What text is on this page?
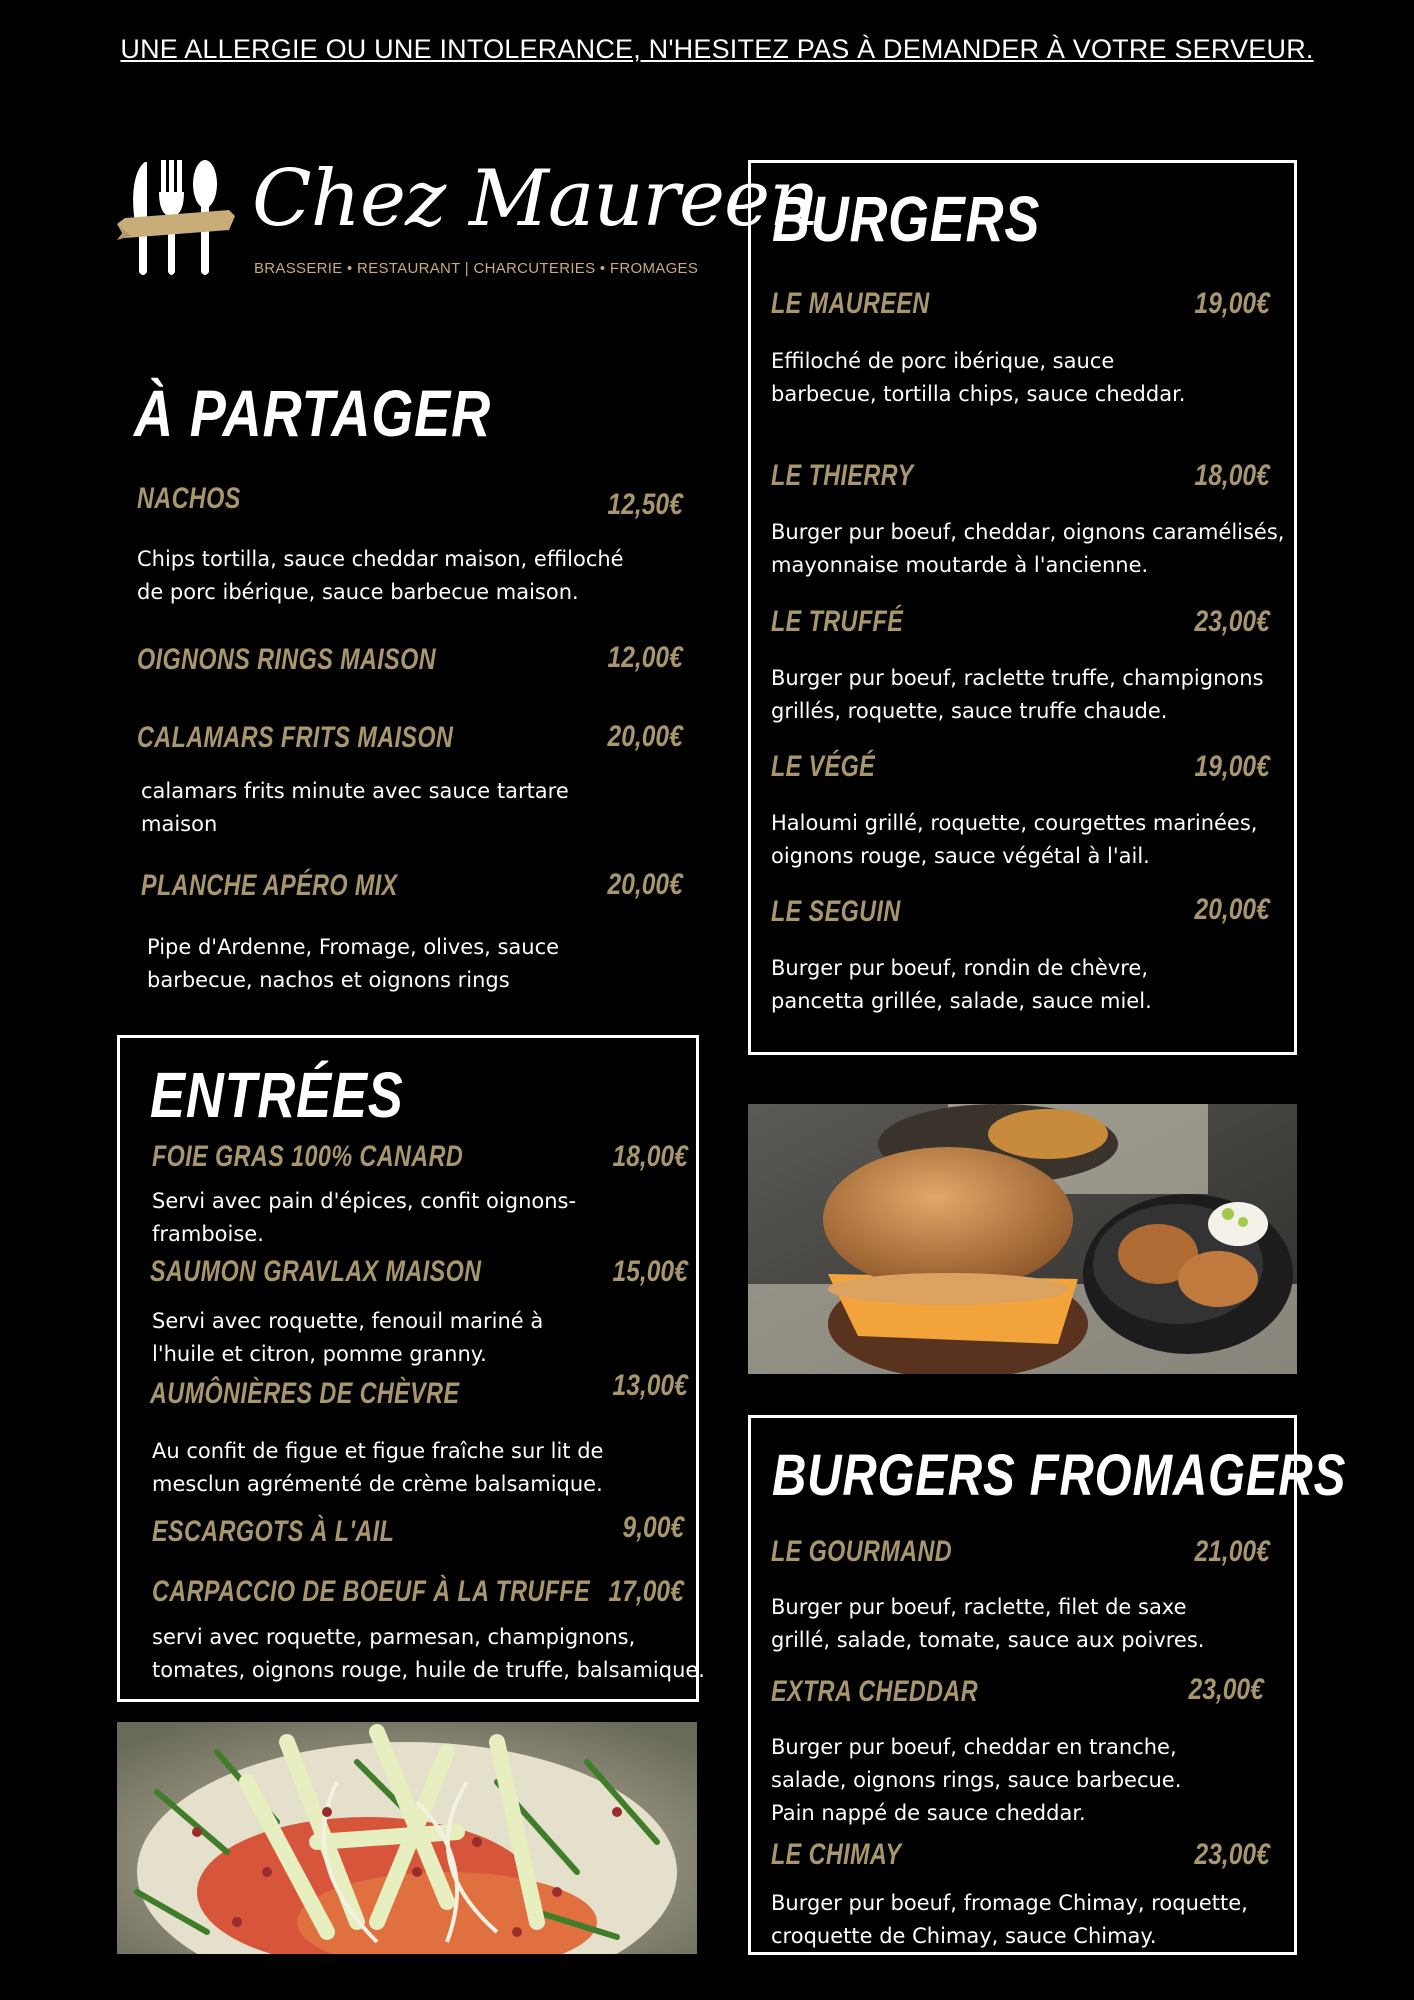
UNE ALLERGIE OU UNE INTOLERANCE, N'HESITEZ PAS À DEMANDER À VOTRE SERVEUR.
Chez Maureen
BRASSERIE • RESTAURANT | CHARCUTERIES • FROMAGES
À PARTAGER
NACHOS	12,50€
Chips tortilla, sauce cheddar maison, effiloché
de porc ibérique, sauce barbecue maison.
OIGNONS RINGS MAISON	12,00€
CALAMARS FRITS MAISON	20,00€
calamars frits minute avec sauce tartare
maison
PLANCHE APÉRO MIX	20,00€
Pipe d'Ardenne, Fromage, olives, sauce
barbecue, nachos et oignons rings
ENTRÉES
FOIE GRAS 100% CANARD	18,00€
Servi avec pain d'épices, confit oignons-
framboise.
SAUMON GRAVLAX MAISON	15,00€
Servi avec roquette, fenouil mariné à
l'huile et citron, pomme granny.
AUMÔNIÈRES DE CHÈVRE	13,00€
Au confit de figue et figue fraîche sur lit de
mesclun agrémenté de crème balsamique.
ESCARGOTS À L'AIL	9,00€
CARPACCIO DE BOEUF À LA TRUFFE 17,00€
servi avec roquette, parmesan, champignons,
tomates, oignons rouge, huile de truffe, balsamique.
BURGERS
LE MAUREEN	19,00€
Effiloché de porc ibérique, sauce
barbecue, tortilla chips, sauce cheddar.
LE THIERRY	18,00€
Burger pur boeuf, cheddar, oignons caramélisés,
mayonnaise moutarde à l'ancienne.
LE TRUFFÉ	23,00€
Burger pur boeuf, raclette truffe, champignons
grillés, roquette, sauce truffe chaude.
LE VÉGÉ	19,00€
Haloumi grillé, roquette, courgettes marinées,
oignons rouge, sauce végétal à l'ail.
LE SEGUIN	20,00€
Burger pur boeuf, rondin de chèvre,
pancetta grillée, salade, sauce miel.
BURGERS FROMAGERS
LE GOURMAND	21,00€
Burger pur boeuf, raclette, filet de saxe
grillé, salade, tomate, sauce aux poivres.
EXTRA CHEDDAR	23,00€
Burger pur boeuf, cheddar en tranche,
salade, oignons rings, sauce barbecue.
Pain nappé de sauce cheddar.
LE CHIMAY	23,00€
Burger pur boeuf, fromage Chimay, roquette,
croquette de Chimay, sauce Chimay.
